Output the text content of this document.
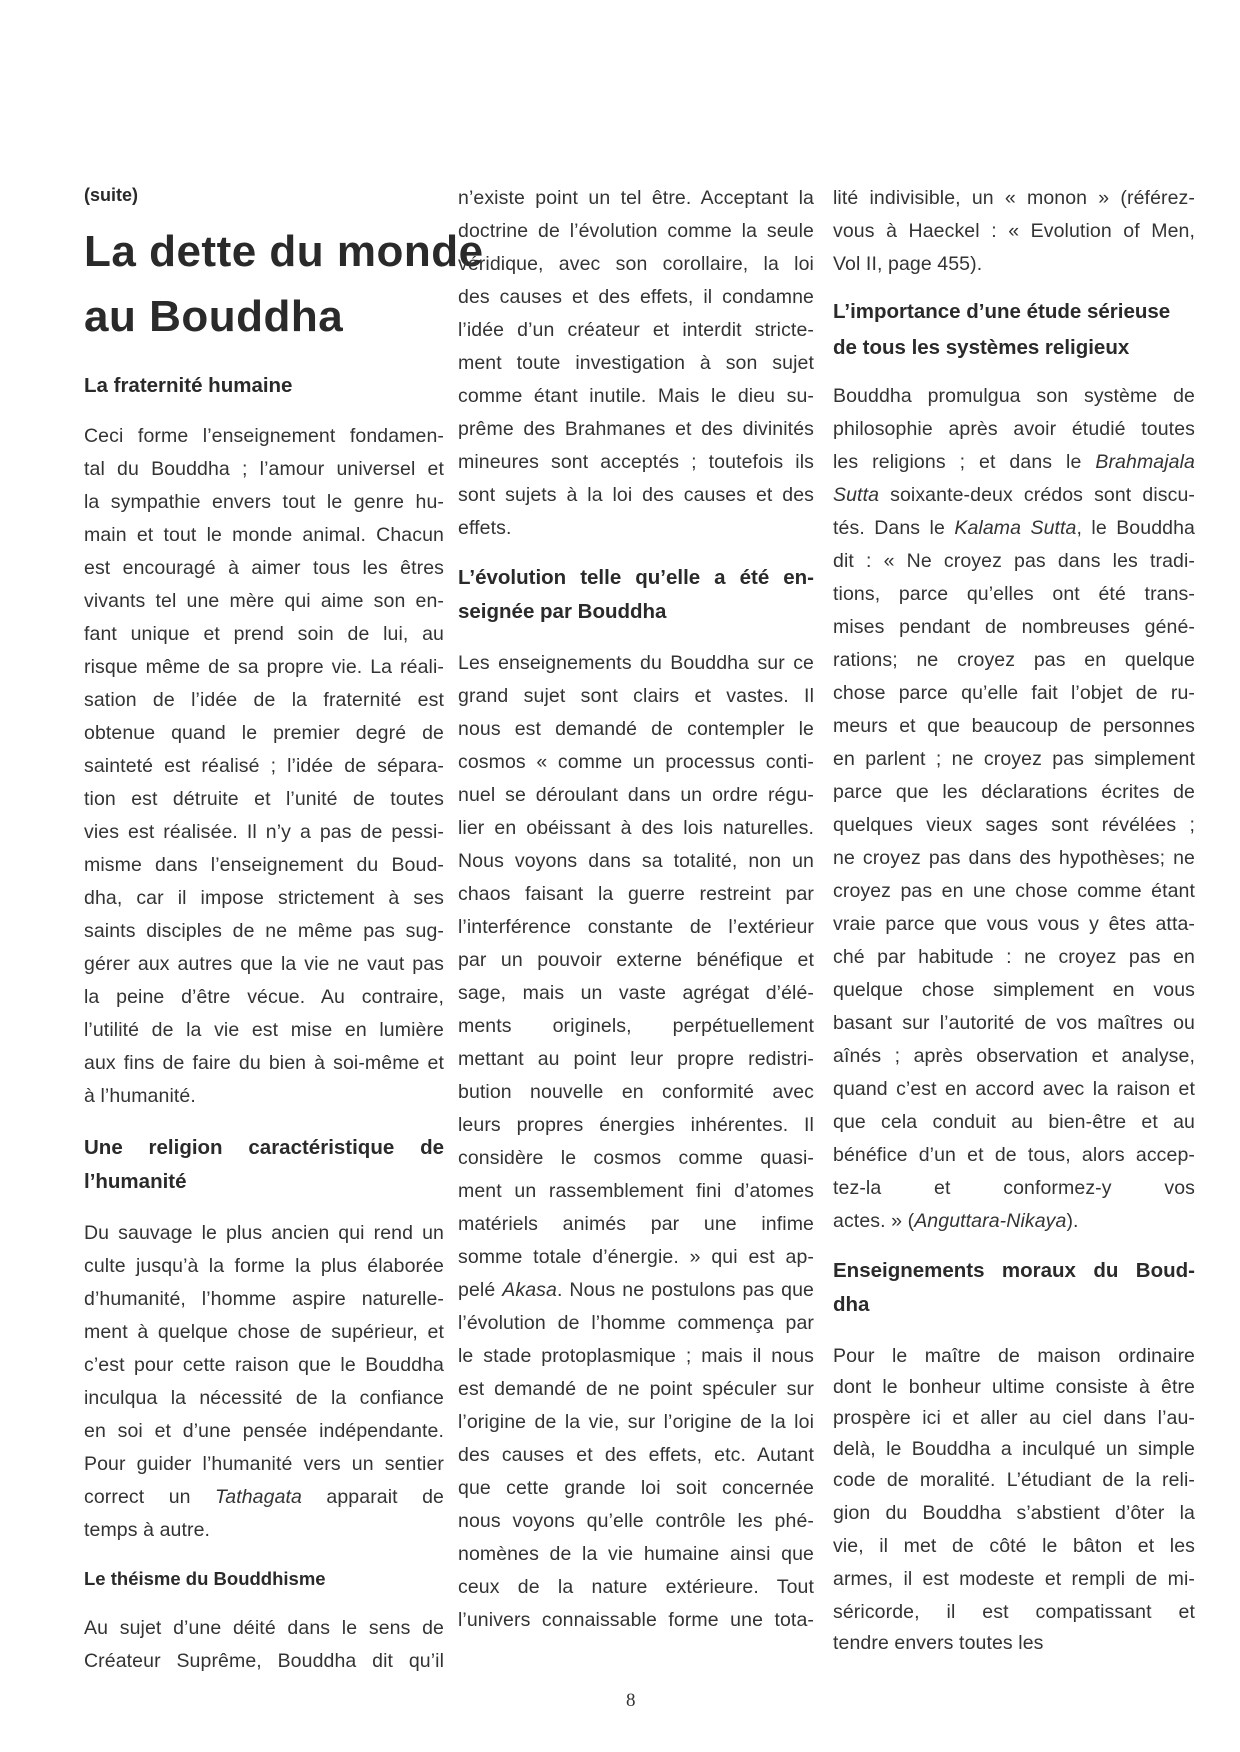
(suite)
La dette du monde
au Bouddha
La fraternité humaine
Ceci forme l’enseignement fondamen-
tal du Bouddha ; l’amour universel et
la sympathie envers tout le genre hu-
main et tout le monde animal. Chacun
est encouragé à aimer tous les êtres
vivants tel une mère qui aime son en-
fant unique et prend soin de lui, au
risque même de sa propre vie. La réali-
sation de l’idée de la fraternité est
obtenue quand le premier degré de
sainteté est réalisé ; l’idée de sépara-
tion est détruite et l’unité de toutes
vies est réalisée. Il n’y a pas de pessi-
misme dans l’enseignement du Boud-
dha, car il impose strictement à ses
saints disciples de ne même pas sug-
gérer aux autres que la vie ne vaut pas
la peine d’être vécue. Au contraire,
l’utilité de la vie est mise en lumière
aux fins de faire du bien à soi-même et
à l’humanité.
Une religion caractéristique de
l’humanité
Du sauvage le plus ancien qui rend un
culte jusqu’à la forme la plus élaborée
d’humanité, l’homme aspire naturelle-
ment à quelque chose de supérieur, et
c’est pour cette raison que le Bouddha
inculqua la nécessité de la confiance
en soi et d’une pensée indépendante.
Pour guider l’humanité vers un sentier
correct un Tathagata apparait de
temps à autre.
Le théisme du Bouddhisme
Au sujet d’une déité dans le sens de
Créateur Suprême, Bouddha dit qu’il
n’existe point un tel être. Acceptant la
doctrine de l’évolution comme la seule
véridique, avec son corollaire, la loi
des causes et des effets, il condamne
l’idée d’un créateur et interdit stricte-
ment toute investigation à son sujet
comme étant inutile. Mais le dieu su-
prême des Brahmanes et des divinités
mineures sont acceptés ; toutefois ils
sont sujets à la loi des causes et des
effets.
L’évolution telle qu’elle a été en-
seignée par Bouddha
Les enseignements du Bouddha sur ce
grand sujet sont clairs et vastes. Il
nous est demandé de contempler le
cosmos « comme un processus conti-
nuel se déroulant dans un ordre régu-
lier en obéissant à des lois naturelles.
Nous voyons dans sa totalité, non un
chaos faisant la guerre restreint par
l’interférence constante de l’extérieur
par un pouvoir externe bénéfique et
sage, mais un vaste agrégat d’élé-
ments originels, perpétuellement
mettant au point leur propre redistri-
bution nouvelle en conformité avec
leurs propres énergies inhérentes. Il
considère le cosmos comme quasi-
ment un rassemblement fini d’atomes
matériels animés par une infime
somme totale d’énergie. » qui est ap-
pelé Akasa. Nous ne postulons pas que
l’évolution de l’homme commença par
le stade protoplasmique ; mais il nous
est demandé de ne point spéculer sur
l’origine de la vie, sur l’origine de la loi
des causes et des effets, etc. Autant
que cette grande loi soit concernée
nous voyons qu’elle contrôle les phé-
nomènes de la vie humaine ainsi que
ceux de la nature extérieure. Tout
l’univers connaissable forme une tota-
lité indivisible, un « monon » (référez-
vous à Haeckel : « Evolution of Men,
Vol II, page 455).
L’importance d’une étude sérieuse
de tous les systèmes religieux
Bouddha promulgua son système de
philosophie après avoir étudié toutes
les religions ; et dans le Brahmajala
Sutta soixante-deux crédos sont discu-
tés. Dans le Kalama Sutta, le Bouddha
dit : « Ne croyez pas dans les tradi-
tions, parce qu’elles ont été trans-
mises pendant de nombreuses géné-
rations; ne croyez pas en quelque
chose parce qu’elle fait l’objet de ru-
meurs et que beaucoup de personnes
en parlent ; ne croyez pas simplement
parce que les déclarations écrites de
quelques vieux sages sont révélées ;
ne croyez pas dans des hypothèses; ne
croyez pas en une chose comme étant
vraie parce que vous vous y êtes atta-
ché par habitude : ne croyez pas en
quelque chose simplement en vous
basant sur l’autorité de vos maîtres ou
aînés ; après observation et analyse,
quand c’est en accord avec la raison et
que cela conduit au bien-être et au
bénéfice d’un et de tous, alors accep-
tez-la et conformez-y vos
actes. » (Anguttara-Nikaya).
Enseignements moraux du Boud-
dha
Pour le maître de maison ordinaire
dont le bonheur ultime consiste à être
prospère ici et aller au ciel dans l’au-
delà, le Bouddha a inculqué un simple
code de moralité. L’étudiant de la reli-
gion du Bouddha s’abstient d’ôter la
vie, il met de côté le bâton et les
armes, il est modeste et rempli de mi-
séricorde, il est compatissant et
tendre envers toutes les
8
